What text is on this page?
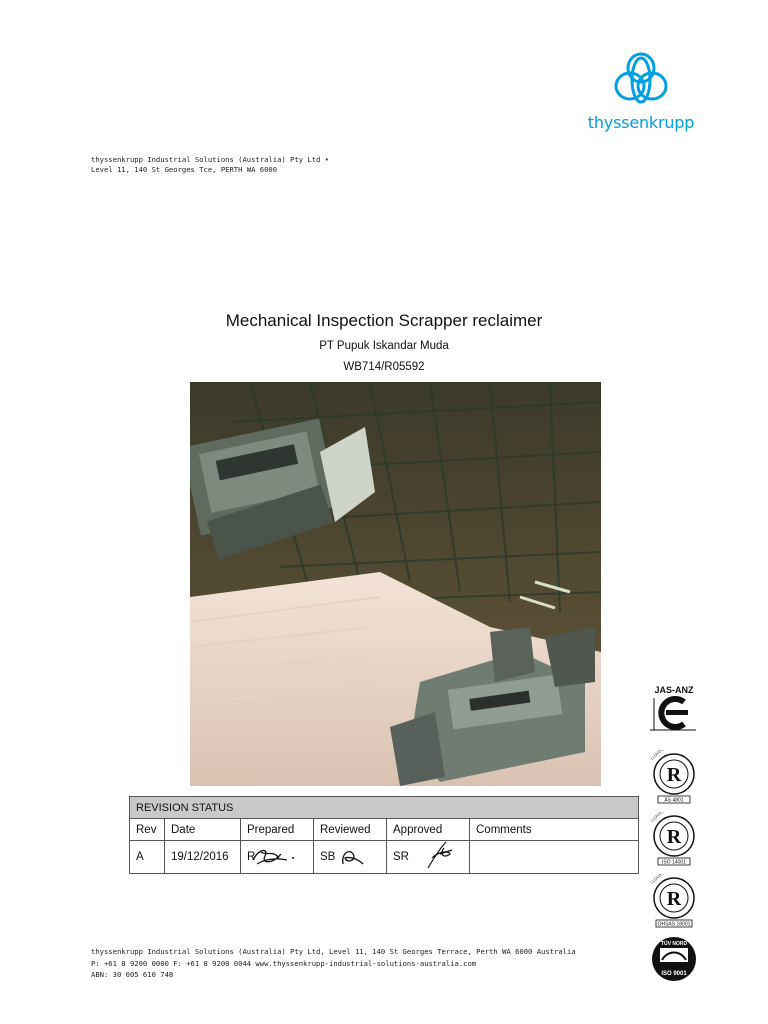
thyssenkrupp
thyssenkrupp Industrial Solutions (Australia) Pty Ltd •
Level 11, 140 St Georges Tce, PERTH WA 6000
Mechanical Inspection Scrapper reclaimer
PT Pupuk Iskandar Muda
WB714/R05592
REVISION STATUS					
Rev	Date	Prepared	Reviewed	Approved	Comments
A	19/12/2016	R	SB	SR	
JAS-ANZ
R
AS 4801
R
ISO 14001
R
OHSAS 18001
TÜV NORD
ISO 9001
thyssenkrupp Industrial Solutions (Australia) Pty Ltd, Level 11, 140 St Georges Terrace, Perth WA 6000 Australia
P: +61 8 9200 0000 F: +61 8 9200 0044 www.thyssenkrupp-industrial-solutions-australia.com
ABN: 30 005 610 748
